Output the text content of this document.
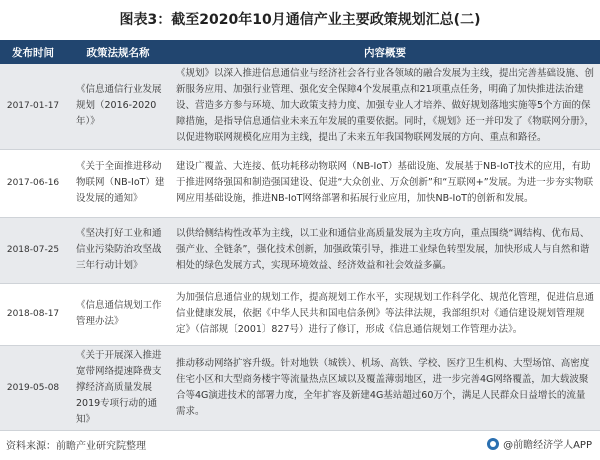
图表3：截至2020年10月通信产业主要政策规划汇总(二)
发布时间	政策法规名称	内容概要
2017-01-17	《信息通信行业发展规划（2016-2020年）》	《规划》以深入推进信息通信业与经济社会各行业各领域的融合发展为主线，提出完善基础设施、创新服务应用、加强行业管理、强化安全保障4个发展重点和21项重点任务，明确了加快推进法治建设、营造多方参与环境、加大政策支持力度、加强专业人才培养、做好规划落地实施等5个方面的保障措施，是指导信息通信业未来五年发展的重要依据。同时，《规划》还一并印发了《物联网分册》，以促进物联网规模化应用为主线，提出了未来五年我国物联网发展的方向、重点和路径。
2017-06-16	《关于全面推进移动物联网（NB-IoT）建设发展的通知》	建设广覆盖、大连接、低功耗移动物联网（NB-IoT）基础设施、发展基于NB-IoT技术的应用，有助于推进网络强国和制造强国建设、促进“大众创业、万众创新”和“互联网+”发展。为进一步夯实物联网应用基础设施，推进NB-IoT网络部署和拓展行业应用，加快NB-IoT的创新和发展。
2018-07-25	《坚决打好工业和通信业污染防治攻坚战三年行动计划》	以供给侧结构性改革为主线，以工业和通信业高质量发展为主攻方向，重点围绕“调结构、优布局、强产业、全链条”，强化技术创新，加强政策引导，推进工业绿色转型发展，加快形成人与自然和谐相处的绿色发展方式，实现环境效益、经济效益和社会效益多赢。
2018-08-17	《信息通信规划工作管理办法》	为加强信息通信业的规划工作，提高规划工作水平，实现规划工作科学化、规范化管理，促进信息通信业健康发展，依据《中华人民共和国电信条例》等法律法规，我部组织对《通信建设规划管理规定》（信部规〔2001〕827号）进行了修订，形成《信息通信规划工作管理办法》。
2019-05-08	《关于开展深入推进宽带网络提速降费支撑经济高质量发展2019专项行动的通知》	推动移动网络扩容升级。针对地铁（城铁）、机场、高铁、学校、医疗卫生机构、大型场馆、高密度住宅小区和大型商务楼宇等流量热点区域以及覆盖薄弱地区，进一步完善4G网络覆盖，加大载波聚合等4G演进技术的部署力度，全年扩容及新建4G基站超过60万个，满足人民群众日益增长的流量需求。
资料来源：前瞻产业研究院整理	@前瞻经济学人APP
